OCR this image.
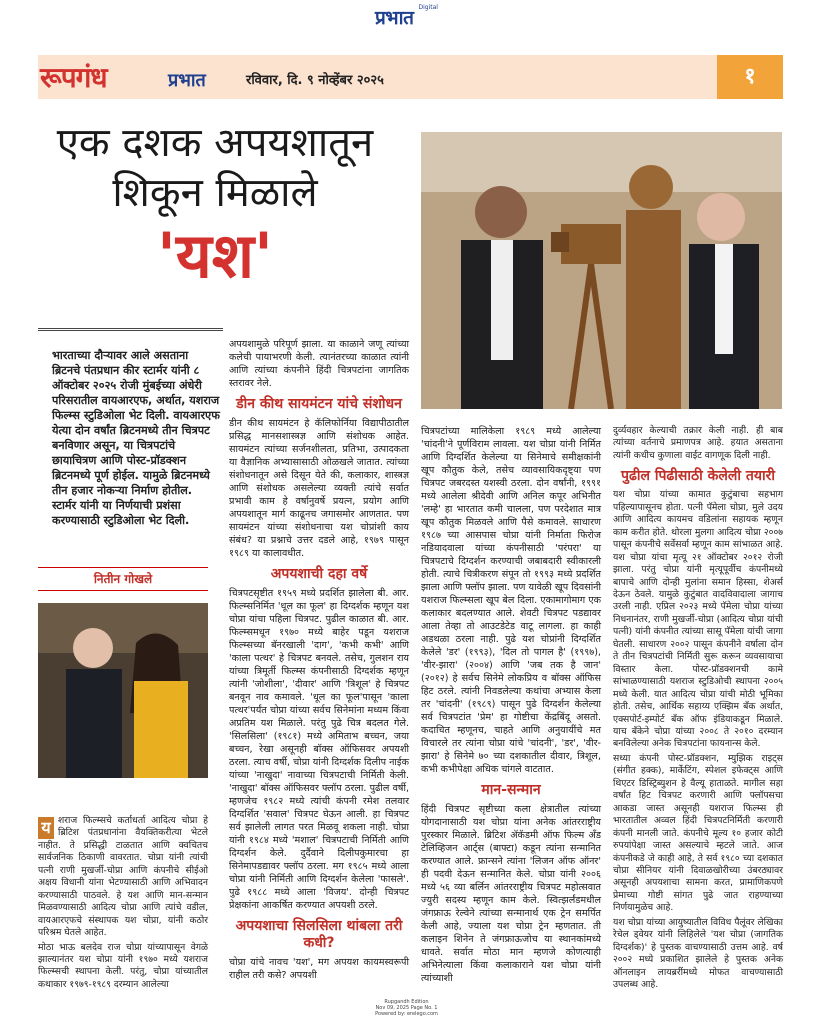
प्रभात $^{Digital}$
१
रूपगंध	प्रभात	रविवार, दि. ९ नोव्हेंबर २०२५
एक दशक अपयशातून
शिकून मिळाले
'यश'
भारताच्या दौऱ्यावर आले असताना ब्रिटनचे पंतप्रधान कीर स्टार्मर यांनी ८ ऑक्टोबर २०२५ रोजी मुंबईच्या अंधेरी परिसरातील वायआरएफ, अर्थात, यशराज फिल्म्स स्टुडिओला भेट दिली. वायआरएफ येत्या दोन वर्षांत ब्रिटनमध्ये तीन चित्रपट बनविणार असून, या चित्रपटांचे छायाचित्रण आणि पोस्ट-प्रॉडक्शन ब्रिटनमध्ये पूर्ण होईल. यामुळे ब्रिटनमध्ये तीन हजार नोकऱ्या निर्माण होतील. स्टार्मर यांनी या निर्णयाची प्रशंसा करण्यासाठी स्टुडिओला भेट दिली.
नितीन गोखले

य शराज फिल्म्सचे कर्ताधर्ता आदित्य चोप्रा हे ब्रिटिश पंतप्रधानांना वैयक्तिकरीत्या भेटले नाहीत. ते प्रसिद्धी टाळतात आणि क्वचितच सार्वजनिक ठिकाणी वावरतात. चोप्रा यांनी त्यांची पत्नी राणी मुखर्जी-चोप्रा आणि कंपनीचे सीईओ अक्षय विधानी यांना भेटण्यासाठी आणि अभिवादन करण्यासाठी पाठवले. हे यश आणि मान-सन्मान मिळवण्यासाठी आदित्य चोप्रा आणि त्यांचे वडील, वायआरएफचे संस्थापक यश चोप्रा, यांनी कठोर परिश्रम घेतले आहेत.

मोठा भाऊ बलदेव राज चोप्रा यांच्यापासून वेगळे झाल्यानंतर यश चोप्रा यांनी १९७० मध्ये यशराज फिल्म्सची स्थापना केली. परंतु, चोप्रा यांच्यातील कथाकार १९७९-१९८९ दरम्यान आलेल्या

अपयशामुळे परिपूर्ण झाला. या काळाने जणू त्यांच्या कलेची पायाभरणी केली. त्यानंतरच्या काळात त्यांनी आणि त्यांच्या कंपनीने हिंदी चित्रपटांना जागतिक स्तरावर नेले.

डीन कीथ सायमंटन यांचे संशोधन

डीन कीथ सायमंटन हे कॅलिफोर्निया विद्यापीठातील प्रसिद्ध मानसशास्त्रज्ञ आणि संशोधक आहेत. सायमंटन त्यांच्या सर्जनशीलता, प्रतिभा, उत्पादकता या वैज्ञानिक अभ्यासासाठी ओळखले जातात. त्यांच्या संशोधनातून असे दिसून येते की, कलाकार, शास्त्रज्ञ आणि संशोधक असलेल्या व्यक्ती त्यांचे सर्वात प्रभावी काम हे वर्षानुवर्षे प्रयत्न, प्रयोग आणि अपयशातून मार्ग काढूनच जगासमोर आणतात. पण सायमंटन यांच्या संशोधनाचा यश चोप्रांशी काय संबंध? या प्रश्नाचे उत्तर दडले आहे, १९७९ पासून १९८९ या कालावधीत.

अपयशाची दहा वर्षे

चित्रपटसृष्टीत १९५९ मध्ये प्रदर्शित झालेला बी. आर. फिल्म्सनिर्मित 'धूल का फूल' हा दिग्दर्शक म्हणून यश चोप्रा यांचा पहिला चित्रपट. पुढील काळात बी. आर. फिल्म्समधून १९७० मध्ये बाहेर पडून यशराज फिल्म्सच्या बॅनरखाली 'दाग', 'कभी कभी' आणि 'काला पत्थर' हे चित्रपट बनवले. तसेच, गुलशन राय यांच्या त्रिमूर्ती फिल्म्स कंपनीसाठी दिग्दर्शक म्हणून त्यांनी 'जोशीला', 'दीवार' आणि 'त्रिशूल' हे चित्रपट बनवून नाव कमावले. 'धूल का फूल'पासून 'काला पत्थर'पर्यंत चोप्रा यांच्या सर्वच सिनेमांना मध्यम किंवा अप्रतिम यश मिळाले. परंतु पुढे चित्र बदलत गेले. 'सिलसिला' (१९८१) मध्ये अमिताभ बच्चन, जया बच्चन, रेखा असूनही बॉक्स ऑफिसवर अपयशी ठरला. त्याच वर्षी, चोप्रा यांनी दिग्दर्शक दिलीप नाईक यांच्या 'नाखुदा' नावाच्या चित्रपटाची निर्मिती केली. 'नाखुदा' बॉक्स ऑफिसवर फ्लॉप ठरला. पुढील वर्षी, म्हणजेच १९८२ मध्ये त्यांची कंपनी रमेश तलवार दिग्दर्शित 'सवाल' चित्रपट घेऊन आली. हा चित्रपट सर्व झालेली लागत परत मिळवू शकला नाही. चोप्रा यांनी १९८४ मध्ये 'मशाल' चित्रपटाची निर्मिती आणि दिग्दर्शन केले. दुर्दैवाने दिलीपकुमारचा हा सिनेमापडद्यावर फ्लॉप ठरला. मग १९८५ मध्ये आला चोप्रा यांनी निर्मिती आणि दिग्दर्शन केलेला 'फासले'. पुढे १९८८ मध्ये आला 'विजय'. दोन्ही चित्रपट प्रेक्षकांना आकर्षित करण्यात अपयशी ठरले.

अपयशाचा सिलसिला थांबला तरी कधी?

चोप्रा यांचे नावच 'यश', मग अपयश कायमस्वरूपी राहील तरी कसे? अपयशी

चित्रपटांच्या मालिकेला १९८९ मध्ये आलेल्या 'चांदनी'ने पूर्णविराम लावला. यश चोप्रा यांनी निर्मित आणि दिग्दर्शित केलेल्या या सिनेमाचे समीक्षकांनी खूप कौतुक केले, तसेच व्यावसायिकदृष्ट्या पण चित्रपट जबरदस्त यशस्वी ठरला. दोन वर्षांनी, १९९१ मध्ये आलेला श्रीदेवी आणि अनिल कपूर अभिनीत 'लम्हे' हा भारतात कमी चालला, पण परदेशात मात्र खूप कौतुक मिळवले आणि पैसे कमावले. साधारण १९८७ च्या आसपास चोप्रा यांनी निर्माता फिरोज नडियादवाला यांच्या कंपनीसाठी 'परंपरा' या चित्रपटाचे दिग्दर्शन करण्याची जबाबदारी स्वीकारली होती. त्याचे चित्रीकरण संपून तो १९९३ मध्ये प्रदर्शित झाला आणि फ्लॉप झाला. पण यावेळी खूप दिवसांनी यशराज फिल्म्सला खूप बेल दिला. एकामागोमाग एक कलाकार बदलण्यात आले. शेवटी चित्रपट पडद्यावर आला तेव्हा तो आउटडेटेड वाटू लागला. हा काही अडथळा ठरला नाही. पुढे यश चोप्रांनी दिग्दर्शित केलेले 'डर' (१९९३), 'दिल तो पागल है' (१९९७), 'वीर-झारा' (२००४) आणि 'जब तक है जान' (२०१२) हे सर्वच सिनेमे लोकप्रिय व बॉक्स ऑफिस हिट ठरले. त्यांनी निवडलेल्या कथांचा अभ्यास केला तर 'चांदनी' (१९८९) पासून पुढे दिग्दर्शन केलेल्या सर्व चित्रपटांत 'प्रेम' हा गोष्टीचा केंद्रबिंदू असतो. कदाचित म्हणूनच, चाहते आणि अनुयायींचे मत विचारले तर त्यांना चोप्रा यांचे 'चांदनी', 'डर', 'वीर-झारा' हे सिनेमे ७० च्या दशकातील दीवार, त्रिशूल, कभी कभीपेक्षा अधिक चांगले वाटतात.

मान-सन्मान

हिंदी चित्रपट सृष्टीच्या कला क्षेत्रातील त्यांच्या योगदानासाठी यश चोप्रा यांना अनेक आंतरराष्ट्रीय पुरस्कार मिळाले. ब्रिटिश ॲकॅडमी ऑफ फिल्म ॲंड टेलिव्हिजन आर्ट्स (बाफ्टा) कडून त्यांना सन्मानित करण्यात आले. फ्रान्सने त्यांना 'लिजन ऑफ ऑनर' ही पदवी देऊन सन्मानित केले. चोप्रा यांनी २००६ मध्ये ५६ व्या बर्लिन आंतरराष्ट्रीय चित्रपट महोत्सवात ज्युरी सदस्य म्हणून काम केले. स्वित्झर्लंडमधील जंगफ्राऊ रेल्वेने त्यांच्या सन्मानार्थ एक ट्रेन समर्पित केली आहे, ज्याला यश चोप्रा ट्रेन म्हणतात. ती कलाइन शिनेन ते जंगफ्राऊजोच या स्थानकांमध्ये धावते. सर्वात मोठा मान म्हणजे कोणत्याही अभिनेत्याला किंवा कलाकाराने यश चोप्रा यांनी त्यांच्याशी

दुर्व्यवहार केल्याची तक्रार केली नाही. ही बाब त्यांच्या वर्तनाचे प्रमाणपत्र आहे. हयात असताना त्यांनी कधीच कुणाला वाईट वागणूक दिली नाही.

पुढील पिढीसाठी केलेली तयारी

यश चोप्रा यांच्या कामात कुटुंबाचा सहभाग पहिल्यापासूनच होता. पत्नी पॅमेला चोप्रा, मुले उदय आणि आदित्य कायमच वडिलांना सहायक म्हणून काम करीत होते. थोरला मुलगा आदित्य चोप्रा २००७ पासून कंपनीचे सर्वेसर्वा म्हणून काम सांभाळत आहे. यश चोप्रा यांचा मृत्यू २१ ऑक्टोबर २०१२ रोजी झाला. परंतु चोप्रा यांनी मृत्यूपूर्वीच कंपनीमध्ये बापाचे आणि दोन्ही मुलांना समान हिस्सा, शेअर्स देऊन ठेवले. यामुळे कुटुंबात वादविवादाला जागाच उरली नाही. एप्रिल २०२३ मध्ये पॅमेला चोप्रा यांच्या निधनानंतर, राणी मुखर्जी-चोप्रा (आदित्य चोप्रा यांची पत्नी) यांनी कंपनीत त्यांच्या सासू पॅमेला यांची जागा घेतली. साधारण २००२ पासून कंपनीने वर्षाला दोन ते तीन चित्रपटांची निर्मिती सुरू करून व्यवसायाचा विस्तार केला. पोस्ट-प्रॉडक्शनची कामे सांभाळण्यासाठी यशराज स्टुडिओची स्थापना २००५ मध्ये केली. यात आदित्य चोप्रा यांची मोठी भूमिका होती. तसेच, आर्थिक सहाय्य एक्झिम बँक अर्थात, एक्सपोर्ट-इम्पोर्ट बँक ऑफ इंडियाकडून मिळाले. याच बँकेने चोप्रा यांच्या २००८ ते २०१० दरम्यान बनविलेल्या अनेक चित्रपटांना फायनान्स केले.

सध्या कंपनी पोस्ट-प्रॉडक्शन, म्युझिक राइट्स (संगीत हक्क), मार्केटिंग, स्पेशल इफेक्ट्स आणि थिएटर डिस्ट्रिब्युशन हे वैल्यू हाताळते. मागील सहा वर्षांत हिट चित्रपट करणारी आणि फ्लॉपसचा आकडा जास्त असूनही यशराज फिल्म्स ही भारतातील अव्वल हिंदी चित्रपटनिर्मिती करणारी कंपनी मानली जाते. कंपनीचे मूल्य १० हजार कोटी रुपयांपेक्षा जास्त असल्याचे म्हटले जाते. आज कंपनीकडे जे काही आहे, ते सर्व १९८० च्या दशकात चोप्रा सीनियर यांनी दिवाळखोरीच्या उंबरठ्यावर असूनही अपयशाचा सामना करत, प्रामाणिकपणे प्रेमाच्या गोष्टी सांगत पुढे जात राहण्याच्या निर्णयामुळेच आहे.

यश चोप्रा यांच्या आयुष्यातील विविध पैलूंवर लेखिका रेचेल ड्वेयर यांनी लिहिलेले 'यश चोप्रा (जागतिक दिग्दर्शक)' हे पुस्तक वाचण्यासाठी उत्तम आहे. वर्ष २००२ मध्ये प्रकाशित झालेले हे पुस्तक अनेक ऑनलाइन लायब्ररींमध्ये मोफत वाचण्यासाठी उपलब्ध आहे.

Rupgandh Edition
Nov 09, 2025 Page No. 1
Powered by: erelego.com
